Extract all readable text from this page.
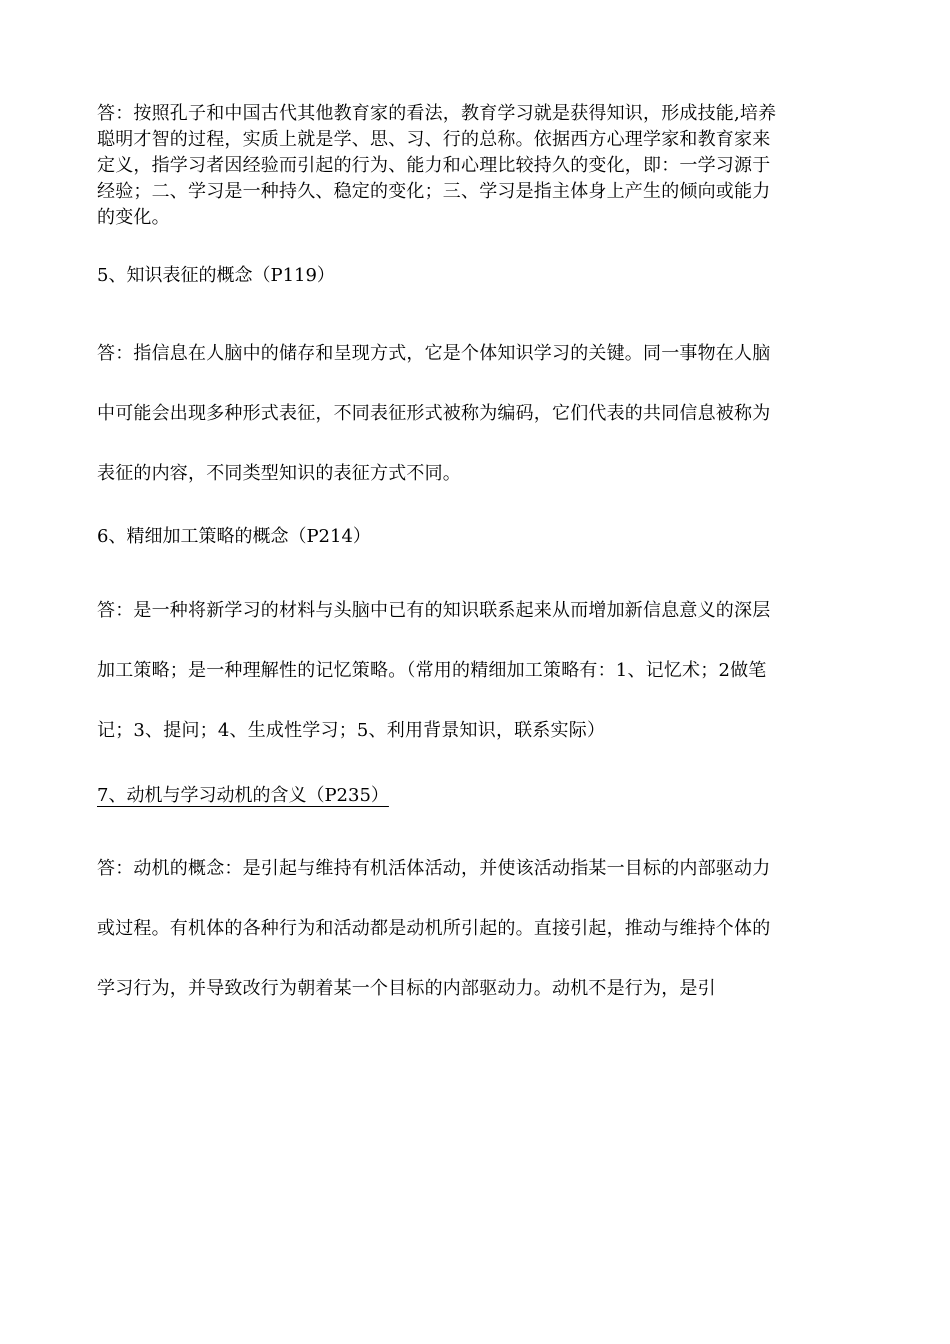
答：按照孔子和中国古代其他教育家的看法，教育学习就是获得知识，形成技能,培养
聪明才智的过程，实质上就是学、思、习、行的总称。依据西方心理学家和教育家来
定义，指学习者因经验而引起的行为、能力和心理比较持久的变化，即：一学习源于
经验；二、学习是一种持久、稳定的变化；三、学习是指主体身上产生的倾向或能力
的变化。
5、知识表征的概念（P119）
答：指信息在人脑中的储存和呈现方式，它是个体知识学习的关键。同一事物在人脑
中可能会出现多种形式表征，不同表征形式被称为编码，它们代表的共同信息被称为
表征的内容，不同类型知识的表征方式不同。
6、精细加工策略的概念（P214）
答：是一种将新学习的材料与头脑中已有的知识联系起来从而增加新信息意义的深层
加工策略；是一种理解性的记忆策略。（常用的精细加工策略有：1、记忆术；2做笔
记；3、提问；4、生成性学习；5、利用背景知识，联系实际）
7、动机与学习动机的含义（P235）
答：动机的概念：是引起与维持有机活体活动，并使该活动指某一目标的内部驱动力
或过程。有机体的各种行为和活动都是动机所引起的。直接引起，推动与维持个体的
学习行为，并导致改行为朝着某一个目标的内部驱动力。动机不是行为，是引
